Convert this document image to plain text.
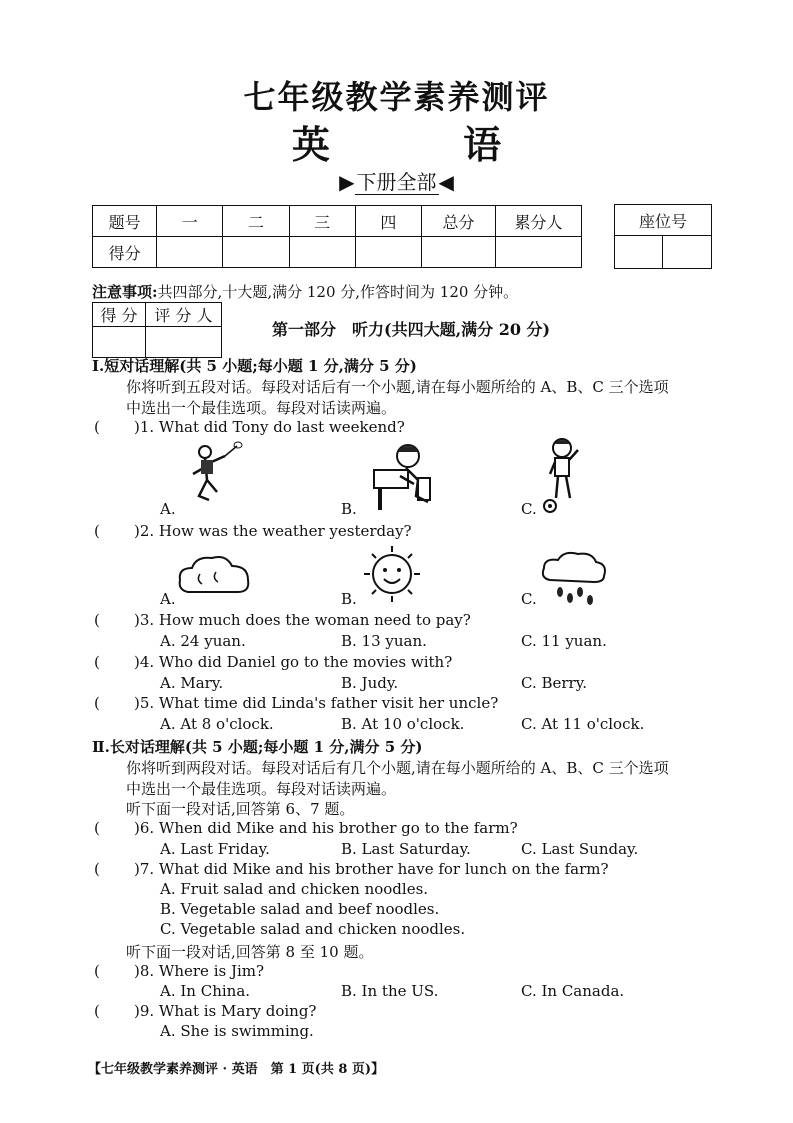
七年级教学素养测评
英 语
▶ 下册全部 ◀
题号	一	二	三	四	总分	累分人
得分						
座位号

注意事项:共四部分,十大题,满分 120 分,作答时间为 120 分钟。
得 分	评 分 人

第一部分　听力(共四大题,满分 20 分)
Ⅰ.短对话理解(共 5 小题;每小题 1 分,满分 5 分)
你将听到五段对话。每段对话后有一个小题,请在每小题所给的 A、B、C 三个选项
中选出一个最佳选项。每段对话读两遍。
( )1. What did Tony do last weekend?
A.	B.	C.
( )2. How was the weather yesterday?
A.	B.	C.
( )3. How much does the woman need to pay?
A. 24 yuan.	B. 13 yuan.	C. 11 yuan.
( )4. Who did Daniel go to the movies with?
A. Mary.	B. Judy.	C. Berry.
( )5. What time did Linda's father visit her uncle?
A. At 8 o'clock.	B. At 10 o'clock.	C. At 11 o'clock.
Ⅱ.长对话理解(共 5 小题;每小题 1 分,满分 5 分)
你将听到两段对话。每段对话后有几个小题,请在每小题所给的 A、B、C 三个选项
中选出一个最佳选项。每段对话读两遍。
听下面一段对话,回答第 6、7 题。
( )6. When did Mike and his brother go to the farm?
A. Last Friday.	B. Last Saturday.	C. Last Sunday.
( )7. What did Mike and his brother have for lunch on the farm?
A. Fruit salad and chicken noodles.
B. Vegetable salad and beef noodles.
C. Vegetable salad and chicken noodles.
听下面一段对话,回答第 8 至 10 题。
( )8. Where is Jim?
A. In China.	B. In the US.	C. In Canada.
( )9. What is Mary doing?
A. She is swimming.
【七年级教学素养测评 · 英语　第 1 页(共 8 页)】
